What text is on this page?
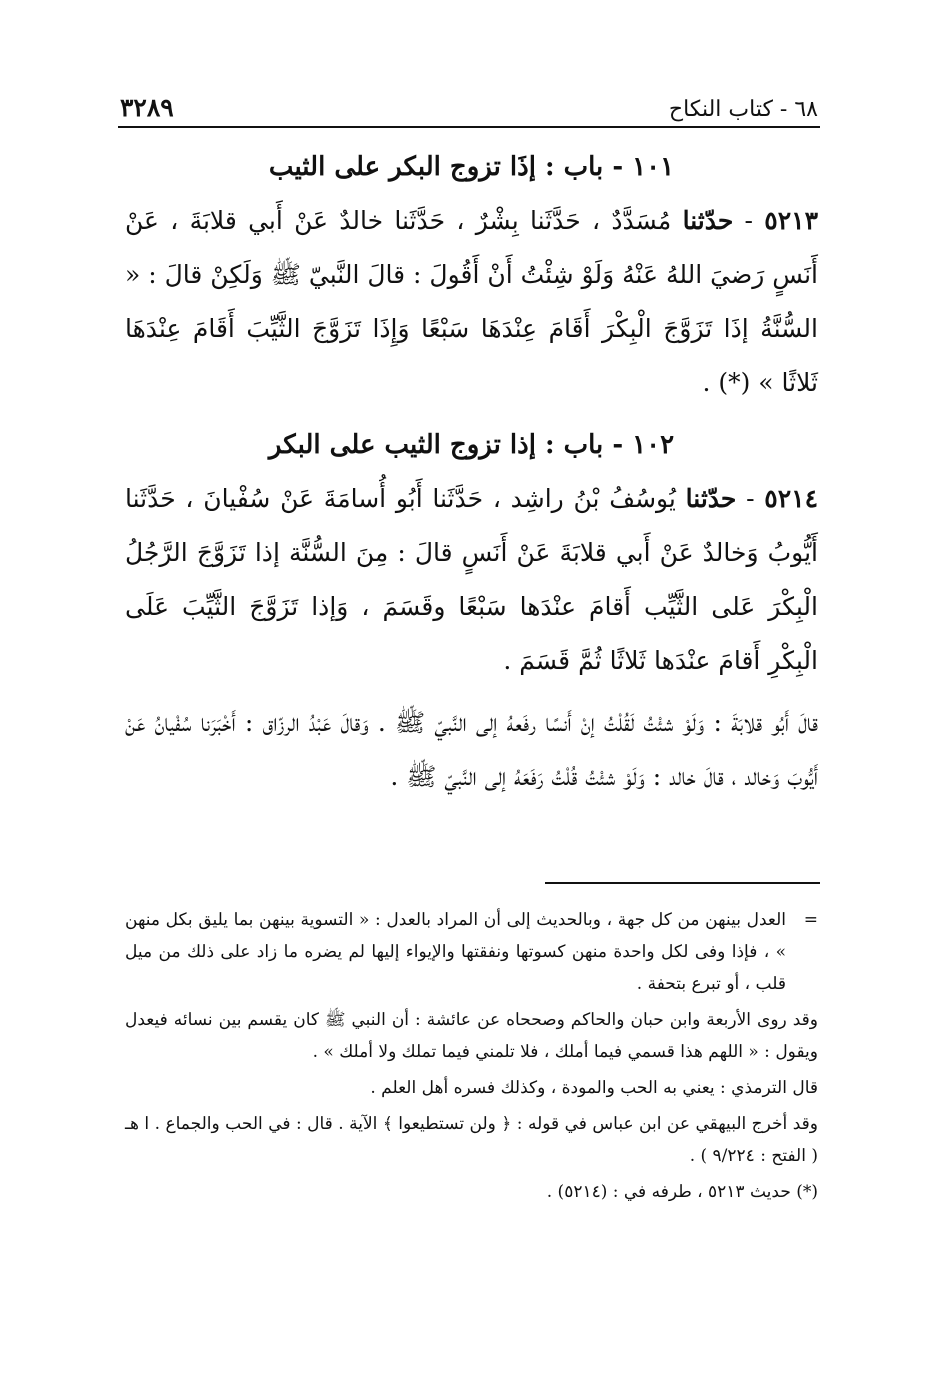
٦٨ - كتاب النكاح
٣٢٨٩

١٠١ - باب : إذَا تزوج البكر على الثيب

٥٢١٣ - حدّثنا مُسَدَّدٌ ، حَدَّثَنا بِشْرٌ ، حَدَّثَنا خالدٌ عَنْ أَبي قلابَةَ ، عَنْ أَنَسٍ رَضيَ اللهُ عَنْهُ وَلَوْ شِئْتُ أَنْ أَقُولَ : قالَ النَّبيّ ﷺ وَلَكِنْ قالَ : « السُّنَّةُ إذَا تَزَوَّجَ الْبِكْرَ أَقَامَ عِنْدَهَا سَبْعًا وَإِذَا تَزَوَّجَ الثَّيِّبَ أَقَامَ عِنْدَهَا ثَلاثًا » (*) .

١٠٢ - باب : إذا تزوج الثيب على البكر

٥٢١٤ - حدّثنا يُوسُفُ بْنُ راشِد ، حَدَّثَنا أَبُو أُسامَةَ عَنْ سُفْيانَ ، حَدَّثَنا أَيُّوبُ وَخالدٌ عَنْ أَبي قلابَةَ عَنْ أَنَسٍ قالَ : مِنَ السُّنَّة إذا تَزَوَّجَ الرَّجُلُ الْبِكْرَ عَلى الثَّيِّب أَقامَ عنْدَها سَبْعًا وقَسَمَ ، وَإذا تَزَوَّجَ الثَّيِّبَ عَلَى الْبِكْرِ أَقامَ عنْدَها ثَلاثًا ثُمَّ قَسَمَ .

قالَ أَبُو قلابَةَ : وَلَوْ شئْتُ لَقُلْتُ إنْ أَنسًا رفَعهُ إلى النَّبيّ ﷺ . وَقالَ عَبْدُ الرزّاق : أَخْبَرَنا سُفْيانُ عَنْ أَيُّوبَ وَخالد ، قالَ خالد : وَلَوْ شئْتُ قُلْتُ رَفَعَهُ إلى النَّبيّ ﷺ .

=
العدل بينهن من كل جهة ، وبالحديث إلى أن المراد بالعدل : « التسوية بينهن بما يليق بكل منهن » ، فإذا وفى لكل واحدة منهن كسوتها ونفقتها والإيواء إليها لم يضره ما زاد على ذلك من ميل قلب ، أو تبرع بتحفة .

وقد روى الأربعة وابن حبان والحاكم وصححاه عن عائشة : أن النبي ﷺ كان يقسم بين نسائه فيعدل ويقول : « اللهم هذا قسمي فيما أملك ، فلا تلمني فيما تملك ولا أملك » .

قال الترمذي : يعني به الحب والمودة ، وكذلك فسره أهل العلم .

وقد أخرج البيهقي عن ابن عباس في قوله : ﴿ ولن تستطيعوا ﴾ الآية . قال : في الحب والجماع . ا هـ ( الفتح : ٩/٢٢٤ ) .

(*) حديث ٥٢١٣ ، طرفه في : (٥٢١٤) .
